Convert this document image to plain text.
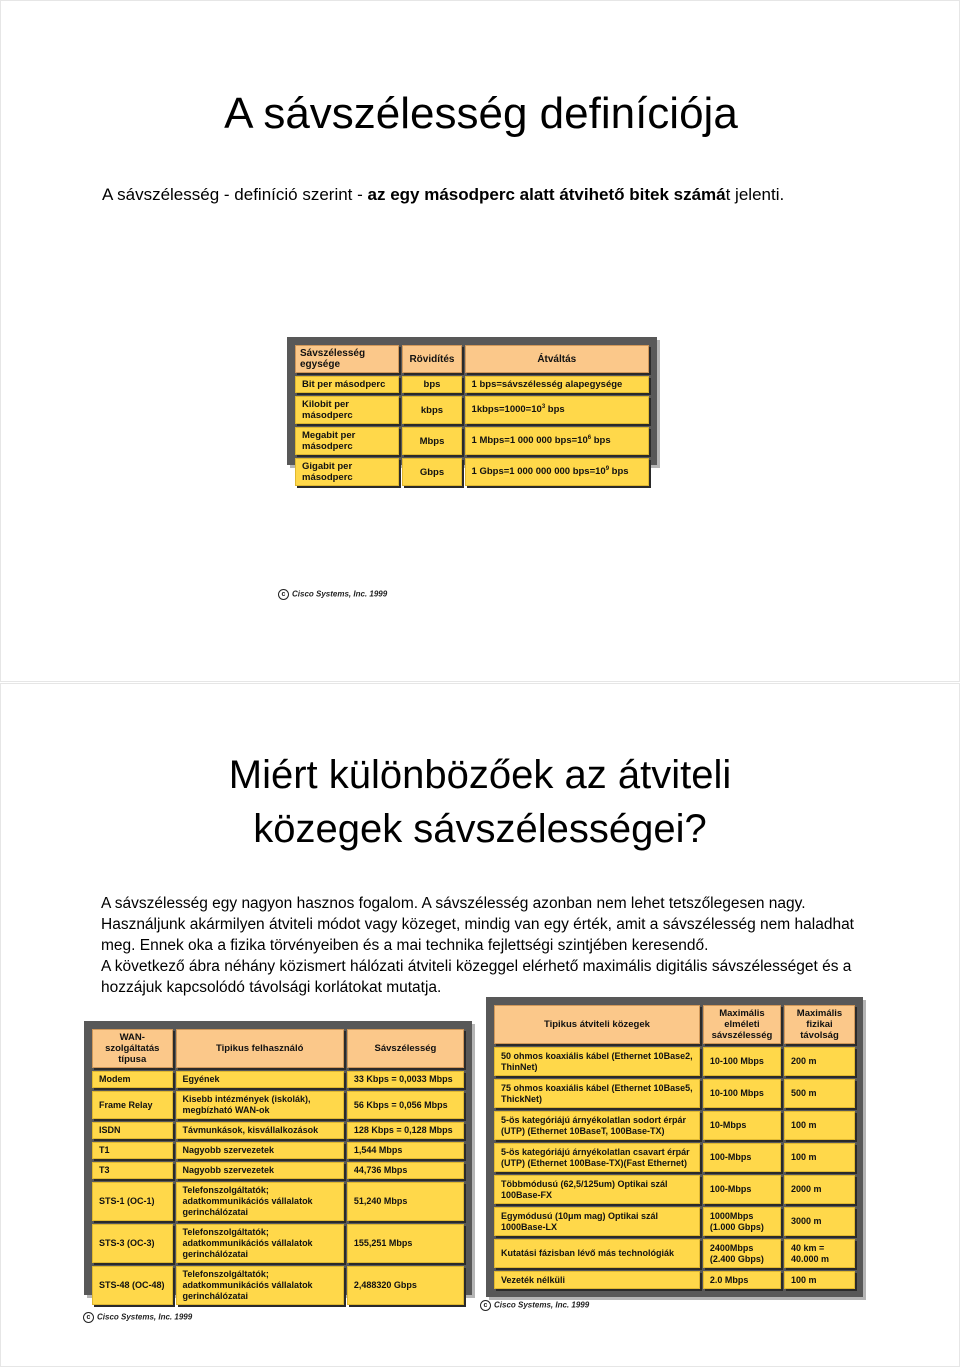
A sávszélesség definíciója

A sávszélesség - definíció szerint - az egy másodperc alatt átvihető bitek számát jelenti.

Sávszélesség egysége	Rövidítés	Átváltás
Bit per másodperc	bps	1 bps=sávszélesség alapegysége
Kilobit per másodperc	kbps	$1kbps=1000=10^3$ bps
Megabit per másodperc	Mbps	1 Mbps=1 000 000 $bps=10^6$ bps
Gigabit per másodperc	Gbps	1 Gbps=1 000 000 000 $bps=10^9$ bps
c Cisco Systems, Inc. 1999
Miért különbözőek az átviteli
közegek sávszélességei?

A sávszélesség egy nagyon hasznos fogalom. A sávszélesség azonban nem lehet tetszőlegesen nagy.
Használjunk akármilyen átviteli módot vagy közeget, mindig van egy érték, amit a sávszélesség nem haladhat meg. Ennek oka a fizika törvényeiben és a mai technika fejlettségi szintjében keresendő.
A következő ábra néhány közismert hálózati átviteli közeggel elérhető maximális digitális sávszélességet és a hozzájuk kapcsolódó távolsági korlátokat mutatja.

WAN-szolgáltatás típusa	Tipikus felhasználó	Sávszélesség
Modem	Egyének	33 Kbps = 0,0033 Mbps
Frame Relay	Kisebb intézmények (iskolák), megbízható WAN-ok	56 Kbps = 0,056 Mbps
ISDN	Távmunkások, kisvállalkozások	128 Kbps = 0,128 Mbps
T1	Nagyobb szervezetek	1,544 Mbps
T3	Nagyobb szervezetek	44,736 Mbps
STS-1 (OC-1)	Telefonszolgáltatók; adatkommunikációs vállalatok gerinchálózatai	51,240 Mbps
STS-3 (OC-3)	Telefonszolgáltatók; adatkommunikációs vállalatok gerinchálózatai	155,251 Mbps
STS-48 (OC-48)	Telefonszolgáltatók; adatkommunikációs vállalatok gerinchálózatai	2,488320 Gbps
Tipikus átviteli közegek	Maximális elméleti sávszélesség	Maximális fizikai távolság
50 ohmos koaxiális kábel (Ethernet 10Base2, ThinNet)	10-100 Mbps	200 m
75 ohmos koaxiális kábel (Ethernet 10Base5, ThickNet)	10-100 Mbps	500 m
5-ös kategóriájú árnyékolatlan sodort érpár (UTP) (Ethernet 10BaseT, 100Base-TX)	10-Mbps	100 m
5-ös kategóriájú árnyékolatlan csavart érpár (UTP) (Ethernet 100Base-TX)(Fast Ethernet)	100-Mbps	100 m
Többmódusú (62,5/125um) Optikai szál 100Base-FX	100-Mbps	2000 m
Egymódusú (10μm mag) Optikai szál 1000Base-LX	1000Mbps (1.000 Gbps)	3000 m
Kutatási fázisban lévő más technológiák	2400Mbps (2.400 Gbps)	40 km = 40.000 m
Vezeték nélküli	2.0 Mbps	100 m
c Cisco Systems, Inc. 1999
c Cisco Systems, Inc. 1999
